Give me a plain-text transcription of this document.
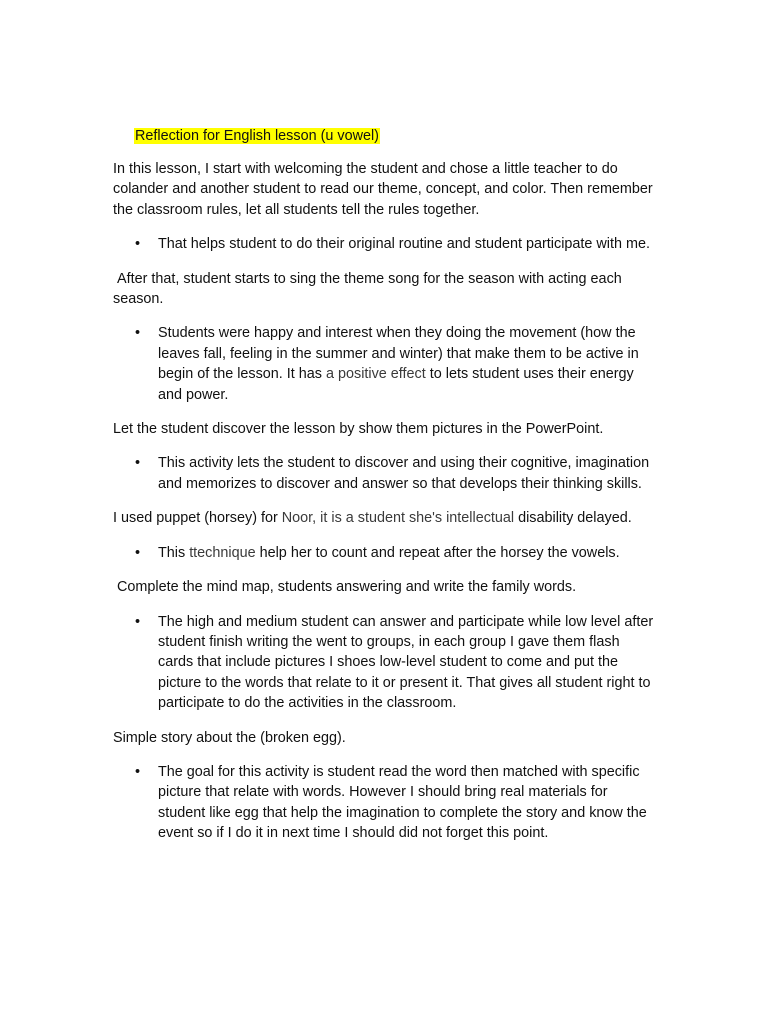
Reflection for English lesson (u vowel)

In this lesson, I start with welcoming the student and chose a little teacher to do colander and another student to read our theme, concept, and color. Then remember the classroom rules, let all students tell the rules together.

• That helps student to do their original routine and student participate with me.

After that, student starts to sing the theme song for the season with acting each season.

• Students were happy and interest when they doing the movement (how the leaves fall, feeling in the summer and winter) that make them to be active in begin of the lesson. It has a positive effect to lets student uses their energy and power.

Let the student discover the lesson by show them pictures in the PowerPoint.

• This activity lets the student to discover and using their cognitive, imagination and memorizes to discover and answer so that develops their thinking skills.

I used puppet (horsey) for Noor, it is a student she's intellectual disability delayed.

• This ttechnique help her to count and repeat after the horsey the vowels.

Complete the mind map, students answering and write the family words.

• The high and medium student can answer and participate while low level after student finish writing the went to groups, in each group I gave them flash cards that include pictures I shoes low-level student to come and put the picture to the words that relate to it or present it. That gives all student right to participate to do the activities in the classroom.

Simple story about the (broken egg).

• The goal for this activity is student read the word then matched with specific picture that relate with words. However I should bring real materials for student like egg that help the imagination to complete the story and know the event so if I do it in next time I should did not forget this point.
